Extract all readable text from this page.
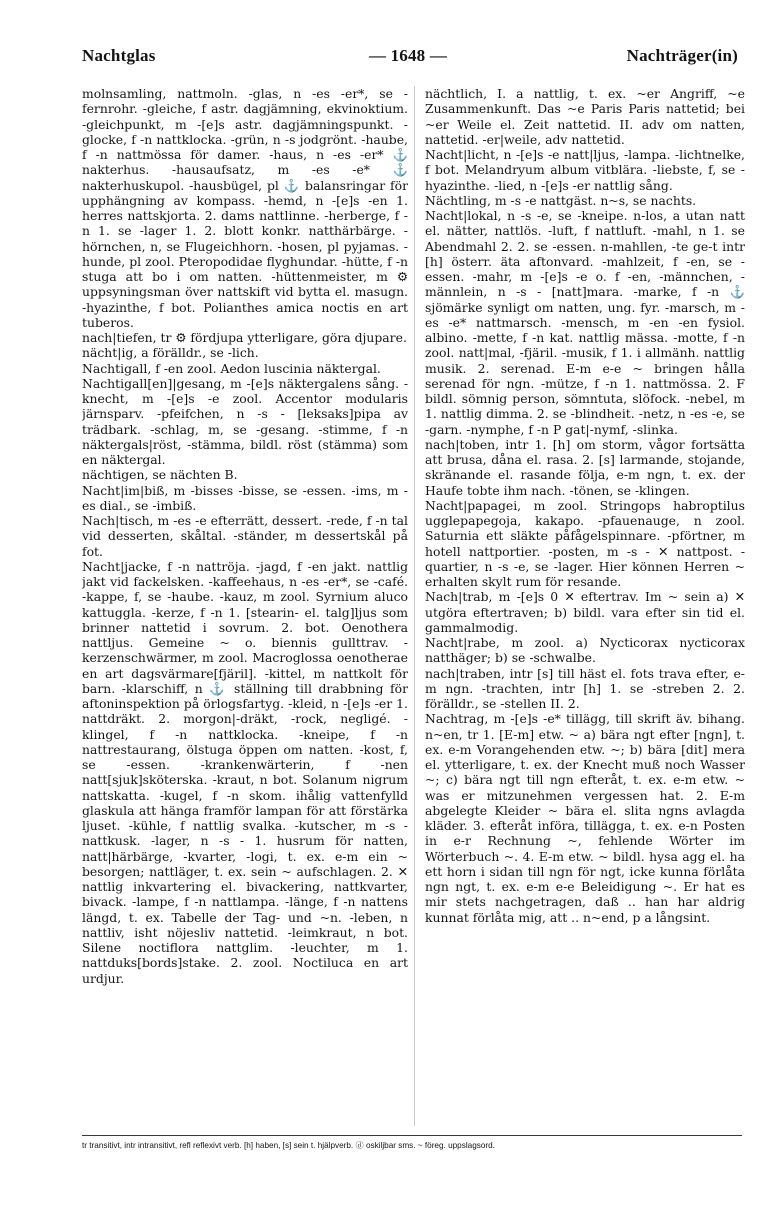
Nachtglas	— 1648 —	Nachträger(in)

molnsamling, nattmoln. -glas, n -es -er*, se -fernrohr. -gleiche, f astr. dagjämning, ekvinoktium. -gleichpunkt, m -[e]s astr. dagjämningspunkt. -glocke, f -n nattklocka. -grün, n -s jodgrönt. -haube, f -n nattmössa för damer. -haus, n -es -er* ⚓ nakterhus. -hausaufsatz, m -es -e* ⚓ nakterhuskupol. -hausbügel, pl ⚓ balansringar för upphängning av kompass. -hemd, n -[e]s -en 1. herres nattskjorta. 2. dams nattlinne. -herberge, f -n 1. se -lager 1. 2. blott konkr. natthärbärge. -hörnchen, n, se Flugeichhorn. -hosen, pl pyjamas. -hunde, pl zool. Pteropodidae flyghundar. -hütte, f -n stuga att bo i om natten. -hüttenmeister, m ⚙ uppsyningsman över nattskift vid bytta el. masugn. -hyazinthe, f bot. Polianthes amica noctis en art tuberos.

nach|tiefen, tr ⚙ fördjupa ytterligare, göra djupare.

nächt|ig, a förälldr., se -lich.

Nachtigall, f -en zool. Aedon luscinia näktergal.

Nachtigall[en]|gesang, m -[e]s näktergalens sång. -knecht, m -[e]s -e zool. Accentor modularis järnsparv. -pfeifchen, n -s - [leksaks]pipa av trädbark. -schlag, m, se -gesang. -stimme, f -n näktergals|röst, -stämma, bildl. röst (stämma) som en näktergal.

nächtigen, se nächten B.

Nacht|im|biß, m -bisses -bisse, se -essen. -ims, m -es dial., se -imbiß.

Nach|tisch, m -es -e efterrätt, dessert. -rede, f -n tal vid desserten, skåltal. -ständer, m dessertskål på fot.

Nacht|jacke, f -n nattröja. -jagd, f -en jakt. nattlig jakt vid fackelsken. -kaffeehaus, n -es -er*, se -café. -kappe, f, se -haube. -kauz, m zool. Syrnium aluco kattuggla. -kerze, f -n 1. [stearin- el. talg]ljus som brinner nattetid i sovrum. 2. bot. Oenothera nattljus. Gemeine ~ o. biennis gullttrav. -kerzenschwärmer, m zool. Macroglossa oenotherae en art dagsvärmare[fjäril]. -kittel, m nattkolt för barn. -klarschiff, n ⚓ ställning till drabbning för aftoninspektion på örlogsfartyg. -kleid, n -[e]s -er 1. nattdräkt. 2. morgon|-dräkt, -rock, negligé. -klingel, f -n nattklocka. -kneipe, f -n nattrestaurang, ölstuga öppen om natten. -kost, f, se -essen. -krankenwärterin, f -nen natt[sjuk]sköterska. -kraut, n bot. Solanum nigrum nattskatta. -kugel, f -n skom. ihålig vattenfylld glaskula att hänga framför lampan för att förstärka ljuset. -kühle, f nattlig svalka. -kutscher, m -s - nattkusk. -lager, n -s - 1. husrum för natten, natt|härbärge, -kvarter, -logi, t. ex. e-m ein ~ besorgen; nattläger, t. ex. sein ~ aufschlagen. 2. ✕ nattlig inkvartering el. bivackering, nattkvarter, bivack. -lampe, f -n nattlampa. -länge, f -n nattens längd, t. ex. Tabelle der Tag- und ~n. -leben, n nattliv, isht nöjesliv nattetid. -leimkraut, n bot. Silene noctiflora nattglim. -leuchter, m 1. nattduks[bords]stake. 2. zool. Noctiluca en art urdjur.

nächtlich, I. a nattlig, t. ex. ~er Angriff, ~e Zusammenkunft. Das ~e Paris Paris nattetid; bei ~er Weile el. Zeit nattetid. II. adv om natten, nattetid. -er|weile, adv nattetid.

Nacht|licht, n -[e]s -e natt|ljus, -lampa. -lichtnelke, f bot. Melandryum album vitblära. -liebste, f, se -hyazinthe. -lied, n -[e]s -er nattlig sång.

Nächtling, m -s -e nattgäst. n~s, se nachts.

Nacht|lokal, n -s -e, se -kneipe. n-los, a utan natt el. nätter, nattlös. -luft, f nattluft. -mahl, n 1. se Abendmahl 2. 2. se -essen. n-mahllen, -te ge-t intr [h] österr. äta aftonvard. -mahlzeit, f -en, se -essen. -mahr, m -[e]s -e o. f -en, -männchen, -männlein, n -s - [natt]mara. -marke, f -n ⚓ sjömärke synligt om natten, ung. fyr. -marsch, m -es -e* nattmarsch. -mensch, m -en -en fysiol. albino. -mette, f -n kat. nattlig mässa. -motte, f -n zool. natt|mal, -fjäril. -musik, f 1. i allmänh. nattlig musik. 2. serenad. E-m e-e ~ bringen hålla serenad för ngn. -mütze, f -n 1. nattmössa. 2. F bildl. sömnig person, sömntuta, slöfock. -nebel, m 1. nattlig dimma. 2. se -blindheit. -netz, n -es -e, se -garn. -nymphe, f -n P gat|-nymf, -slinka.

nach|toben, intr 1. [h] om storm, vågor fortsätta att brusa, dåna el. rasa. 2. [s] larmande, stojande, skränande el. rasande följa, e-m ngn, t. ex. der Haufe tobte ihm nach. -tönen, se -klingen.

Nacht|papagei, m zool. Stringops habroptilus ugglepapegoja, kakapo. -pfauenauge, n zool. Saturnia ett släkte påfågelspinnare. -pförtner, m hotell nattportier. -posten, m -s - ✕ nattpost. -quartier, n -s -e, se -lager. Hier können Herren ~ erhalten skylt rum för resande.

Nach|trab, m -[e]s 0 ✕ eftertrav. Im ~ sein a) ✕ utgöra eftertraven; b) bildl. vara efter sin tid el. gammalmodig.

Nacht|rabe, m zool. a) Nycticorax nycticorax natthäger; b) se -schwalbe.

nach|traben, intr [s] till häst el. fots trava efter, e-m ngn. -trachten, intr [h] 1. se -streben 2. 2. förälldr., se -stellen II. 2.

Nachtrag, m -[e]s -e* tillägg, till skrift äv. bihang. n~en, tr 1. [E-m] etw. ~ a) bära ngt efter [ngn], t. ex. e-m Vorangehenden etw. ~; b) bära [dit] mera el. ytterligare, t. ex. der Knecht muß noch Wasser ~; c) bära ngt till ngn efteråt, t. ex. e-m etw. ~ was er mitzunehmen vergessen hat. 2. E-m abgelegte Kleider ~ bära el. slita ngns avlagda kläder. 3. efteråt införa, tillägga, t. ex. e-n Posten in e-r Rechnung ~, fehlende Wörter im Wörterbuch ~. 4. E-m etw. ~ bildl. hysa agg el. ha ett horn i sidan till ngn för ngt, icke kunna förlåta ngn ngt, t. ex. e-m e-e Beleidigung ~. Er hat es mir stets nachgetragen, daß .. han har aldrig kunnat förlåta mig, att .. n~end, p a långsint.

tr transitivt, intr intransitivt, refl reflexivt verb. [h] haben, [s] sein t. hjälpverb. ⓓ oskiljbar sms. ~ föreg. uppslagsord.
